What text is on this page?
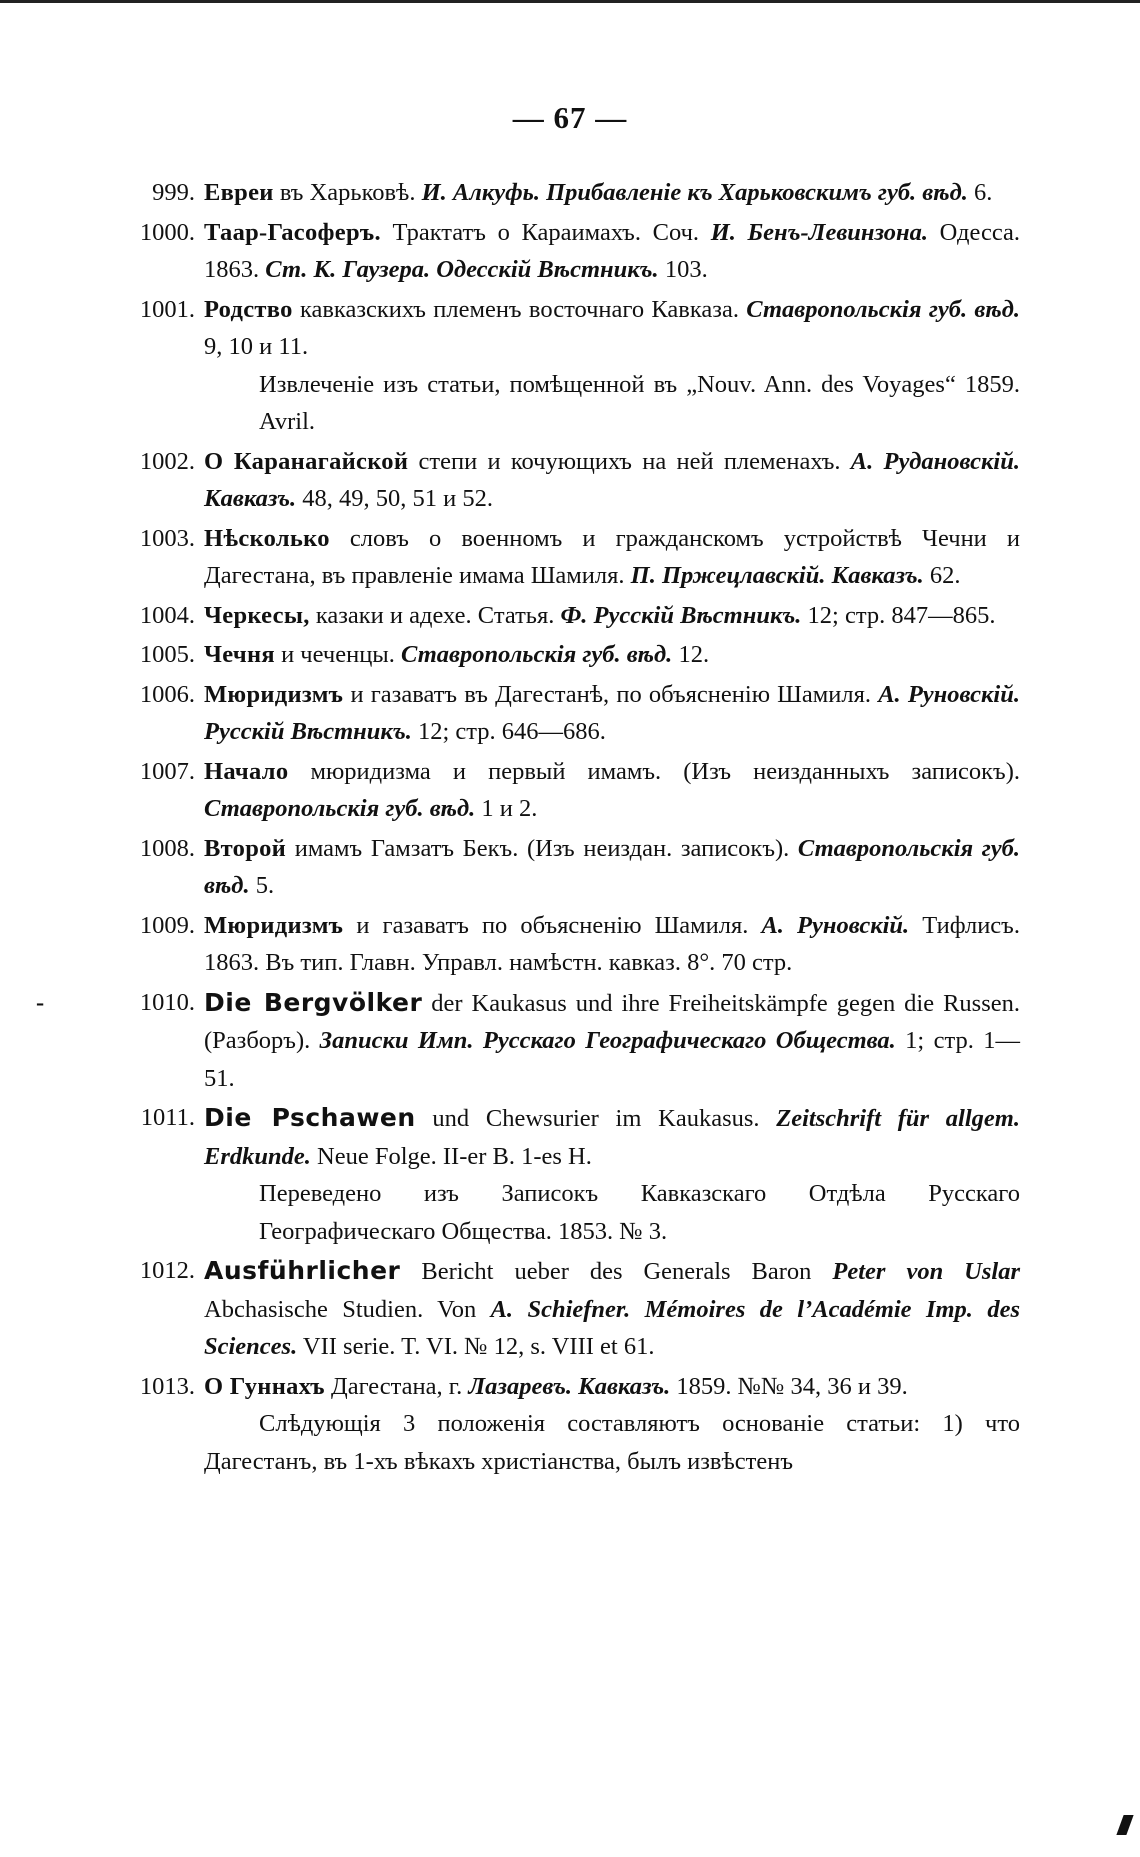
— 67 —
999. Евреи въ Харьковѣ. И. Алкуфь. Прибавленіе къ Харьковскимъ губ. вѣд. 6.
1000. Таар-Гасоферъ. Трактатъ о Караимахъ. Соч. И. Бенъ-Левинзона. Одесса. 1863. Ст. К. Гаузера. Одесскій Вѣстникъ. 103.
1001. Родство кавказскихъ племенъ восточнаго Кавказа. Ставропольскія губ. вѣд. 9, 10 и 11.
Извлеченіе изъ статьи, помѣщенной въ „Nouv. Ann. des Voyages“ 1859. Avril.
1002. О Каранагайской степи и кочующихъ на ней племенахъ. А. Рудановскій. Кавказъ. 48, 49, 50, 51 и 52.
1003. Нѣсколько словъ о военномъ и гражданскомъ устройствѣ Чечни и Дагестана, въ правленіе имама Шамиля. П. Пржецлавскій. Кавказъ. 62.
1004. Черкесы, казаки и адехе. Статья. Ф. Русскій Вѣстникъ. 12; стр. 847—865.
1005. Чечня и чеченцы. Ставропольскія губ. вѣд. 12.
1006. Мюридизмъ и газаватъ въ Дагестанѣ, по объясненію Шамиля. А. Руновскій. Русскій Вѣстникъ. 12; стр. 646—686.
1007. Начало мюридизма и первый имамъ. (Изъ неизданныхъ записокъ). Ставропольскія губ. вѣд. 1 и 2.
1008. Второй имамъ Гамзатъ Бекъ. (Изъ неиздан. записокъ). Ставропольскія губ. вѣд. 5.
1009. Мюридизмъ и газаватъ по объясненію Шамиля. А. Руновскій. Тифлисъ. 1863. Въ тип. Главн. Управл. намѣстн. кавказ. 8°. 70 стр.
-	1010. Die Bergvölker der Kaukasus und ihre Freiheitskämpfe gegen die Russen. (Разборъ). Записки Имп. Русскаго Географическаго Общества. 1; стр. 1—51.
1011. Die Pschawen und Chewsurier im Kaukasus. Zeitschrift für allgem. Erdkunde. Neue Folge. II-er B. 1-es H.
Переведено изъ Записокъ Кавказскаго Отдѣла Русскаго Географическаго Общества. 1853. № 3.
1012. Ausführlicher Bericht ueber des Generals Baron Peter von Uslar Abchasische Studien. Von A. Schiefner. Mémoires de l’Académie Imp. des Sciences. VII serie. T. VI. № 12, s. VIII et 61.
1013. О Гуннахъ Дагестана, г. Лазаревъ. Кавказъ. 1859. №№ 34, 36 и 39.
Слѣдующія 3 положенія составляютъ основаніе статьи: 1) что Дагестанъ, въ 1-хъ вѣкахъ христіанства, былъ извѣстенъ
